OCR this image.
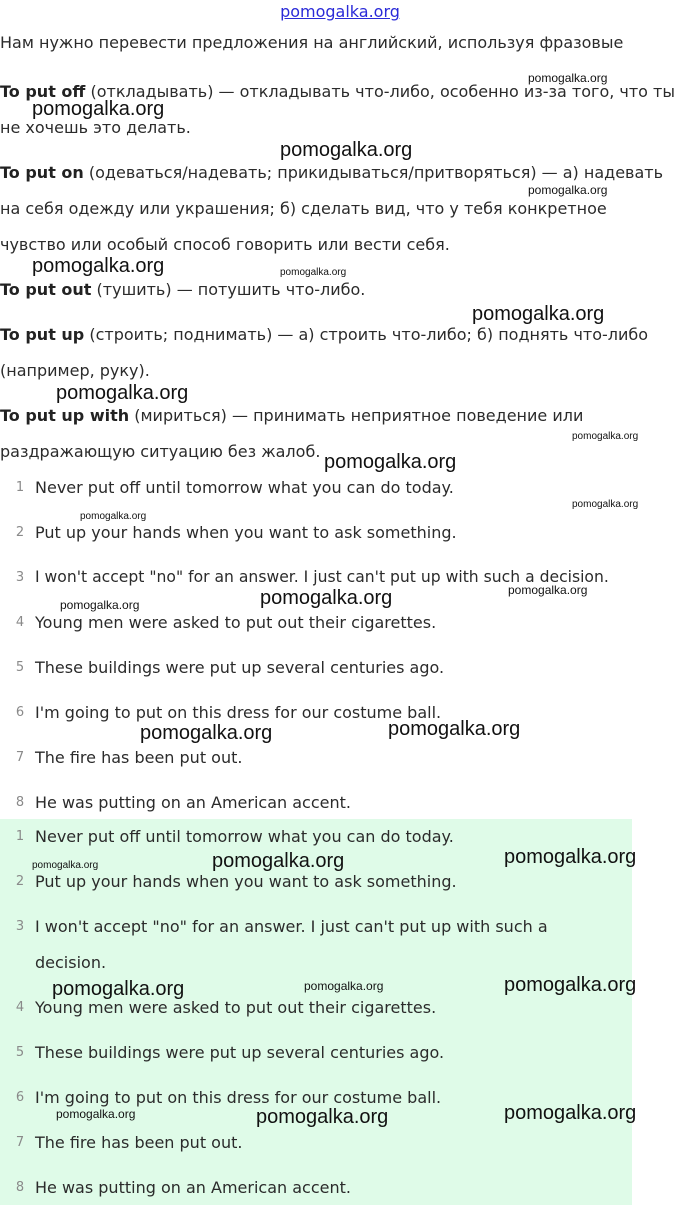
pomogalka.org
Нам нужно перевести предложения на английский, используя фразовые
To put off (откладывать) — откладывать что-либо, особенно из-за того, что ты не хочешь это делать.
To put on (одеваться/надевать; прикидываться/притворяться) — а) надевать на себя одежду или украшения; б) сделать вид, что у тебя конкретное чувство или особый способ говорить или вести себя.
To put out (тушить) — потушить что-либо.
To put up (строить; поднимать) — а) строить что-либо; б) поднять что-либо (например, руку).
To put up with (мириться) — принимать неприятное поведение или раздражающую ситуацию без жалоб.
1 Never put off until tomorrow what you can do today.
2 Put up your hands when you want to ask something.
3 I won't accept "no" for an answer. I just can't put up with such a decision.
4 Young men were asked to put out their cigarettes.
5 These buildings were put up several centuries ago.
6 I'm going to put on this dress for our costume ball.
7 The fire has been put out.
8 He was putting on an American accent.
1 Never put off until tomorrow what you can do today.
2 Put up your hands when you want to ask something.
3 I won't accept "no" for an answer. I just can't put up with such a
decision.
4 Young men were asked to put out their cigarettes.
5 These buildings were put up several centuries ago.
6 I'm going to put on this dress for our costume ball.
7 The fire has been put out.
8 He was putting on an American accent.
pomogalka.org
pomogalka.org
pomogalka.org
pomogalka.org
pomogalka.org	pomogalka.org
pomogalka.org
pomogalka.org
pomogalka.org
pomogalka.org
pomogalka.org
pomogalka.org
pomogalka.org
pomogalka.org
pomogalka.org
pomogalka.org
pomogalka.org
pomogalka.org
pomogalka.org
pomogalka.org
pomogalka.org
pomogalka.org	pomogalka.org
pomogalka.org
pomogalka.org
pomogalka.org
